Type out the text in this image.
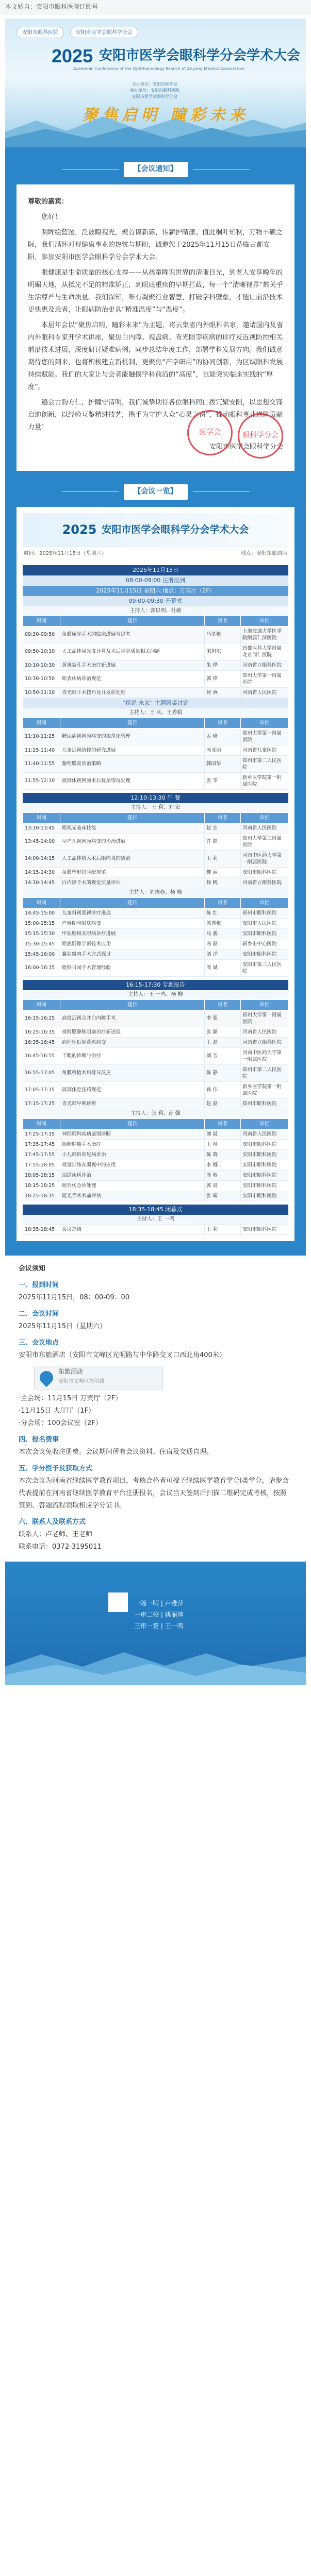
本文转自：安阳市眼科医院订阅号
安阳市眼科医院	安阳市医学会眼科学分会
2025 安阳市医学会眼科学分会学术大会
Academic Conference of the Ophthalmology Branch of Anyang Medical Association
主办单位：安阳市医学会
承办单位：安阳市眼科医院
安阳市医学会眼科学分会
聚焦启明 瞳彩未来
【会议通知】

尊敬的嘉宾：

您好！

明眸绘蓝图，泛波瞭视光，聚首谋新篇，传薪护晴康。值此桐叶知秋，万物丰硕之际，我们满怀对视健康事业的热忱与期盼，诚邀您于2025年11月15日莅临古都安阳，参加安阳市医学会眼科学分会学术大会。

眼健康是生命质量的核心支撑——从孩童眸识世界的清晰目光，到老人安享晚年的明媚天地，从抵光不足的精准矫正，到眼底重疾的早期拦截，每一个“清晰视界”都关乎生活尊严与生命质量。我们深知，唯有凝聚行业智慧，打破学科壁垒，才能让前沿技术更快惠及患者，让眼病防治更具“精准温度”与“温度”。

本届年会以“聚焦启明，瞳彩未来”为主题，将云集省内外眼科名家，邀请国内及省内外眼科专家开学术讲座，聚焦白内障、视盘病、青光眼等疾病的诊疗及近视防控相关前沿技术进展，深度研讨疑难病例，同步总结年度工作，部署学科发展方向。我们诚意期待您的到来，也将积极建立新机制，更聚焦“产学研用”的协同创新，为区域眼科发展持续赋能。我们的大家让与会者能触摸学科前沿的“高度”，也能突实临床实践的“厚度”。

遍会古韵方仁，护瞳守清明，我们诚挚期待各位眼科同仁拨冗聚安阳，以思想交锋启迪创新，以经验互鉴精进技艺，携手为守护大众“心灵之窗”，推动眼科事业进阶贡献力量！

安阳市医学会眼科学分会

医学会	眼科学分会
【会议一览】
2025 安阳市医学会眼科学分会学术大会
时间：2025年11月15日（星期六）	地点：安阳东旅酒店
2025年11月15日
08:00-09:00 注册报到
2025年11月15日 星期六 地点：万宾厅（2F）
09:00-09:30 开幕式
主持人：郭以明、杜敏
时间	题目	讲者	单位
09:30-09:50	角膜屈光手术的临床进展与思考	马冬梅	上海交通大学医学院附属仁济医院
09:50-10:10	人工晶体屈光度计算及术后视觉质量相关问题	宋旭东	首都医科大学附属北京同仁医院
10:10-10:30	黄斑裂孔手术治疗新进展	朱 烨	河南省立眼科医院
10:30-10:50	眼表疾病诊治规范	郭 锋	郑州大学第一附属医院
10:50-11:10	青光眼手术技巧及并发症处理	侯 燕	河南省人民医院
“视说·未来” 主题圆桌讨论
主持人：王 兵、王秀娟
时间	题目	讲者	单位
11:10-11:25	糖尿病视网膜病变的规范化管理	孟 峰	郑州大学第一附属医院
11:25-11:40	儿童近视防控的研究进展	周亚丽	河南省儿童医院
11:40-11:55	葡萄膜炎诊治策略	韩国华	郑州市第二人民医院
11:55-12:10	玻璃体视网膜术后复杂情况处理	张 华	新乡医学院第一附属医院
12:10-13:30 午 餐
主持人：王 利、刘 宏
时间	题目	讲者	单位
13:30-13:45	眼视光临床技能	赵 宏	河南省人民医院
13:45-14:00	早产儿视网膜病变的诊治进展	许 静	郑州大学第三附属医院
14:00-14:15	人工晶体植入术后眼内炎的防治	王 莉	河南中医药大学第一附属医院
14:15-14:30	角膜塑形镜验配规范	魏 丽	安阳市眼科医院
14:30-14:45	白内障手术的视觉质量评估	杨 帆	河南省立眼科医院
主持人：刘晓春、杨 峰
时间	题目	讲者	单位
14:45-15:00	儿童斜视弱视诊疗进展	陈 红	郑州市眼科医院
15:00-15:15	产褥期与眼底病变	郭秀梅	安阳市人民医院
15:15-15:30	甲状腺相关眼病诊疗进展	马 骏	安阳市眼科医院
15:30-15:45	眼底影像学新技术应用	冯 磊	新乡市中心医院
15:45-16:00	翼状胬肉手术方式探讨	刘 洋	安阳市眼科医院
16:00-16:15	眼科日间手术管理经验	周 斌	安阳市第三人民医院
16:15-17:30 专题报告
主持人：王 一鸣、杨 柳
时间	题目	讲者	单位
16:15-16:25	高度近视合并白内障手术	李 强	郑州大学第一附属医院
16:25-16:35	视网膜静脉阻塞治疗新进展	张 颖	河南省人民医院
16:35-16:45	病理性近视黄斑病变	王 磊	河南省立眼科医院
16:45-16:55	干眼的诊断与治疗	刘 芳	河南中医药大学第一附属医院
16:55-17:05	角膜移植术后排斥反应	陈 静	郑州市第二人民医院
17:05-17:15	玻璃体腔注药规范	孙 伟	新乡医学院第一附属医院
17:15-17:25	青光眼早期诊断	赵 磊	郑州市眼科医院
主持人：张 利、孙 强
时间	题目	讲者	单位
17:25-17:35	神经眼科疾病鉴别诊断	刘 晨	河南省人民医院
17:35-17:45	眼睑肿瘤手术治疗	王 林	安阳市眼科医院
17:45-17:55	小儿眼科常见病诊治	陈 晓	安阳市眼科医院
17:55-18:05	视觉训练在弱视中的应用	李 娜	安阳市眼科医院
18:05-18:15	泪道疾病诊治	周 敏	安阳市眼科医院
18:15-18:25	眼外伤急诊处理	郭 晨	安阳市眼科医院
18:25-18:35	屈光手术术前评估	张 晴	安阳市眼科医院
18:35-18:45 闭幕式
主持人：王 一鸣
18:35-18:45	会议总结	王 利	安阳市眼科医院
会议须知
一、报到时间
2025年11月15日，08：00-09：00
二、会议时间
2025年11月15日（星期六）
三、会议地点
安阳市东旅酒店（安阳市文峰区光明路与中华路交叉口西北角400米）
东旅酒店
安阳市文峰区光明路
·主会场：11月15日 万宾厅（2F）
·11月15日 大厅厅（1F）
·分会场：100会议室（2F）
四、报名费事
本次会议免收注册费。会议期间所有会议资料、住宿及交通自理。
五、学分授予及获取方式
本次会议为河南省继续医学教育项目，考核合格者可授予继续医学教育学分Ⅰ类学分，请参会代表提前在河南省继续医学教育平台注册报名，会议当天签到后扫描二维码完成考核，按照签到、答题流程领取相应学分证书。
六、联系人及联系方式
联系人：卢老师、王老师
联系电话：0372-3195011
一瞳一明 | 卢雅萍
一审二校 | 姚丽萍
三审一签 | 王一鸣
